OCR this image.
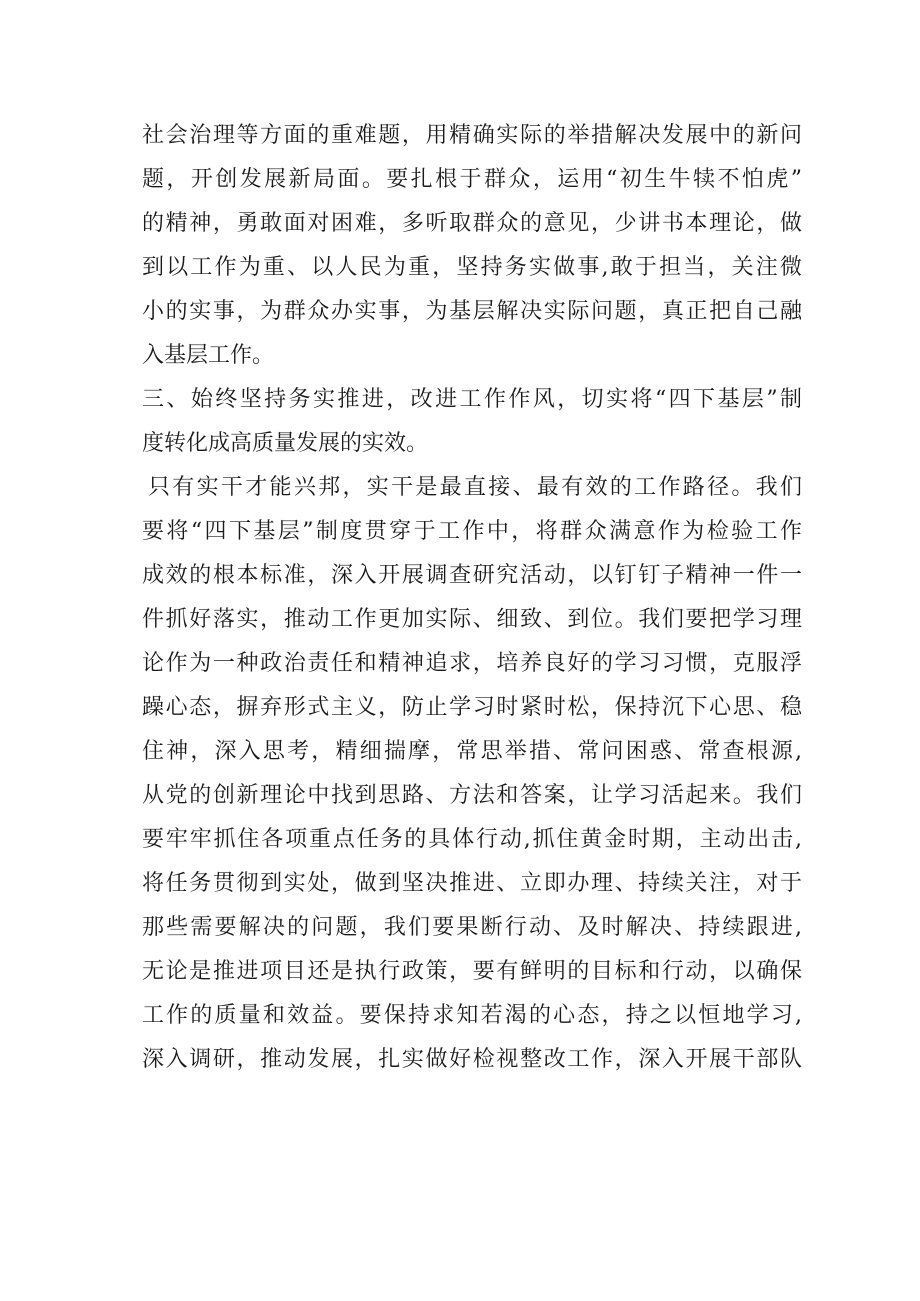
社会治理等方面的重难题，用精确实际的举措解决发展中的新问
题，开创发展新局面。要扎根于群众，运用“初生牛犊不怕虎”
的精神，勇敢面对困难，多听取群众的意见，少讲书本理论，做
到以工作为重、以人民为重，坚持务实做事,敢于担当，关注微
小的实事，为群众办实事，为基层解决实际问题，真正把自己融
入基层工作。
三、始终坚持务实推进，改进工作作风，切实将“四下基层”制
度转化成高质量发展的实效。
只有实干才能兴邦，实干是最直接、最有效的工作路径。我们
要将“四下基层”制度贯穿于工作中，将群众满意作为检验工作
成效的根本标准，深入开展调查研究活动，以钉钉子精神一件一
件抓好落实，推动工作更加实际、细致、到位。我们要把学习理
论作为一种政治责任和精神追求，培养良好的学习习惯，克服浮
躁心态，摒弃形式主义，防止学习时紧时松，保持沉下心思、稳
住神，深入思考，精细揣摩，常思举措、常问困惑、常查根源,
从党的创新理论中找到思路、方法和答案，让学习活起来。我们
要牢牢抓住各项重点任务的具体行动,抓住黄金时期，主动出击,
将任务贯彻到实处，做到坚决推进、立即办理、持续关注，对于
那些需要解决的问题，我们要果断行动、及时解决、持续跟进,
无论是推进项目还是执行政策，要有鲜明的目标和行动，以确保
工作的质量和效益。要保持求知若渴的心态，持之以恒地学习,
深入调研，推动发展，扎实做好检视整改工作，深入开展干部队
